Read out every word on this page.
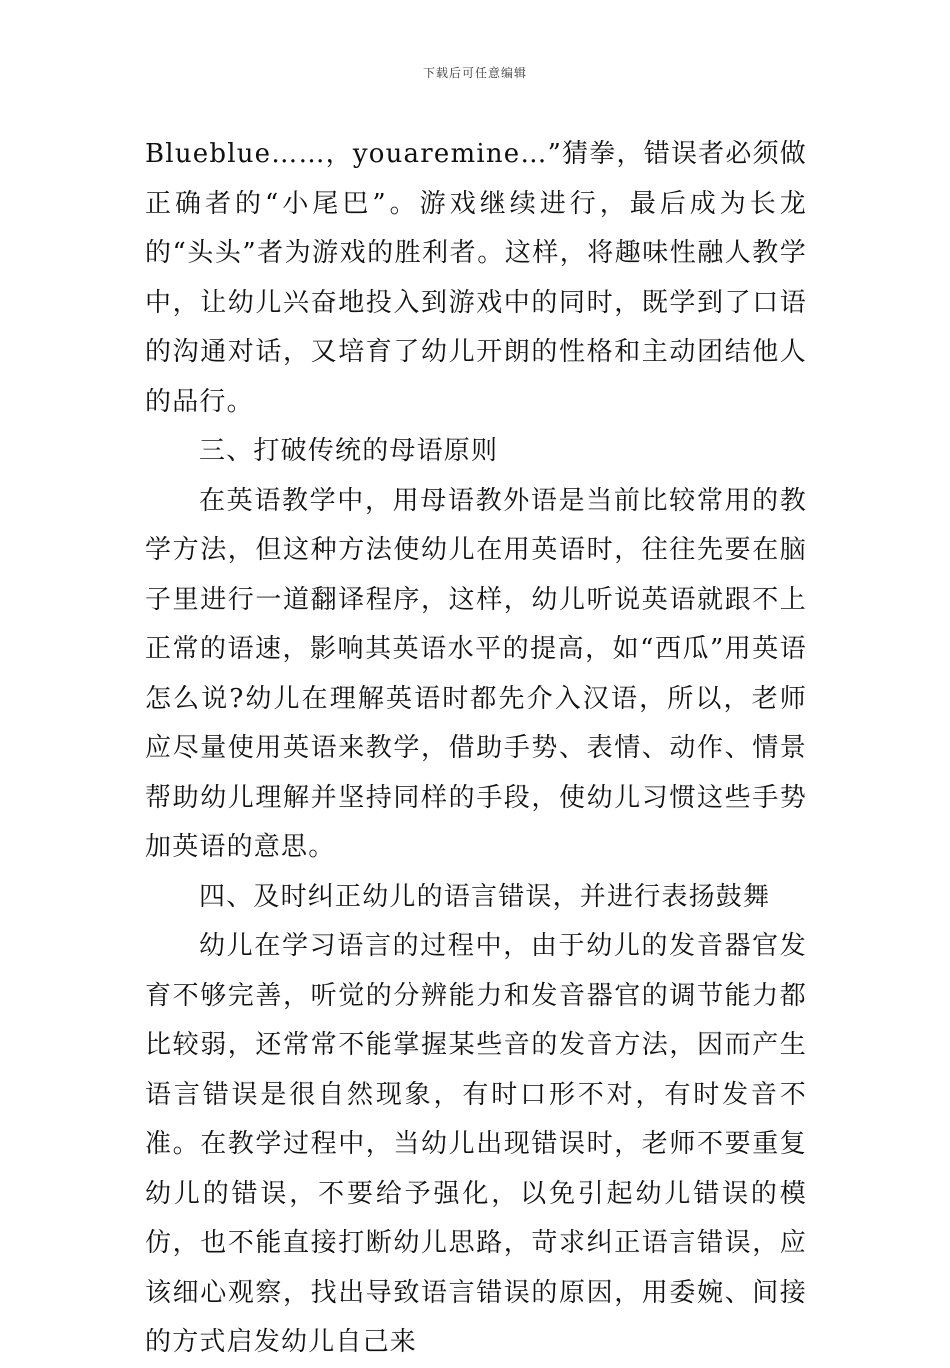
下载后可任意编辑

Blueblue……，youaremine…”猜拳，错误者必须做正确者的“小尾巴”。游戏继续进行，最后成为长龙的“头头”者为游戏的胜利者。这样，将趣味性融人教学中，让幼儿兴奋地投入到游戏中的同时，既学到了口语的沟通对话，又培育了幼儿开朗的性格和主动团结他人的品行。

三、打破传统的母语原则

在英语教学中，用母语教外语是当前比较常用的教学方法，但这种方法使幼儿在用英语时，往往先要在脑子里进行一道翻译程序，这样，幼儿听说英语就跟不上正常的语速，影响其英语水平的提高，如“西瓜”用英语怎么说?幼儿在理解英语时都先介入汉语，所以，老师应尽量使用英语来教学，借助手势、表情、动作、情景帮助幼儿理解并坚持同样的手段，使幼儿习惯这些手势加英语的意思。

四、及时纠正幼儿的语言错误，并进行表扬鼓舞

幼儿在学习语言的过程中，由于幼儿的发音器官发育不够完善，听觉的分辨能力和发音器官的调节能力都比较弱，还常常不能掌握某些音的发音方法，因而产生语言错误是很自然现象，有时口形不对，有时发音不准。在教学过程中，当幼儿出现错误时，老师不要重复幼儿的错误，不要给予强化，以免引起幼儿错误的模仿，也不能直接打断幼儿思路，苛求纠正语言错误，应该细心观察，找出导致语言错误的原因，用委婉、间接的方式启发幼儿自己来
